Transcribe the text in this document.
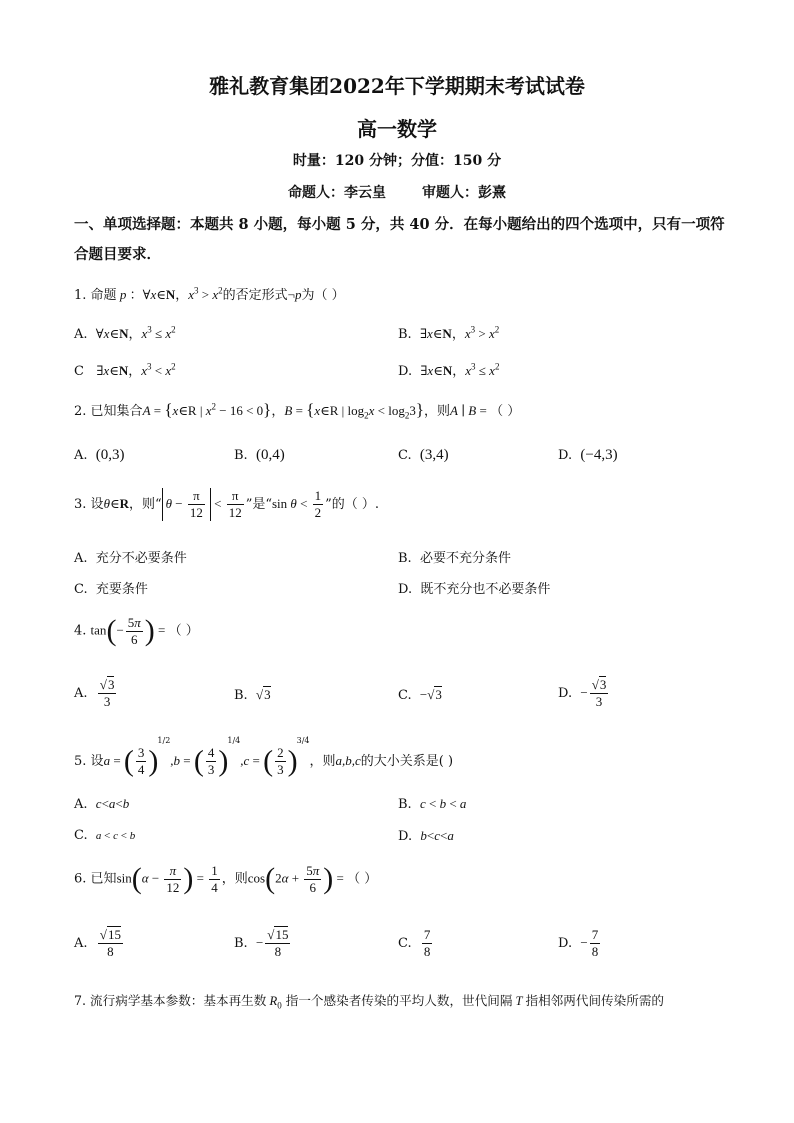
雅礼教育集团2022年下学期期末考试试卷
高一数学
时量：120 分钟；分值：150 分
命题人：李云皇	审题人：彭熹
一、单项选择题：本题共 8 小题，每小题 5 分，共 40 分．在每小题给出的四个选项中，只有一项符合题目要求．
1. 命题 p ：∀x∈N，$x^3 > x^2$的否定形式¬p为（ ）
A. ∀x∈N，$x^3 \le x^2$	B. ∃x∈N，$x^3 > x^2$
C ∃x∈N，$x^3 < x^2$	D. ∃x∈N，$x^3 \le x^2$
2. 已知集合A = {x∈R | $x^2 - 16 < 0$}，B = {x∈R | $\log_2x < \log_23$}，则A ∣ B = （ ）
A. (0,3)	B. (0,4)	C. (3,4)	D. (−4,3)
3. 设θ∈R，则“ $\theta - \frac{\pi}{12} < \frac{\pi}{12}$ ”是“sin $\theta < \frac{1}{2}$ ”的（ ）.
A. 充分不必要条件	B. 必要不充分条件
C. 充要条件	D. 既不充分也不必要条件
4. $\tan(- \frac{5\pi}{6}$ ) = （ ）
A. $\frac{√3}{3}$	B. √3	C. −√3	D. − $\frac{√3}{3}$
5. 设a = ( $\frac{3}{4} )^{1/2},b$ = ( $\frac{4}{3} )^{1/4},c$ = ( $\frac{2}{3} )^{3/4}$，则a,b,c的大小关系是( )
A. c<a<b	B. c < b < a
C. a < c < b	D. b<c<a
6. 已知$\sin(\alpha - \frac{\pi}{12}$ ) = $\frac{1}{4}$ ，则$\cos(2\alpha + \frac{5\pi}{6}$ ) = （ ）
A. $\frac{√15}{8}$	B. − $\frac{√15}{8}$	C. $\frac{7}{8}$	D. − $\frac{7}{8}$
7. 流行病学基本参数：基本再生数 $R_0$ 指一个感染者传染的平均人数，世代间隔 T 指相邻两代间传染所需的
